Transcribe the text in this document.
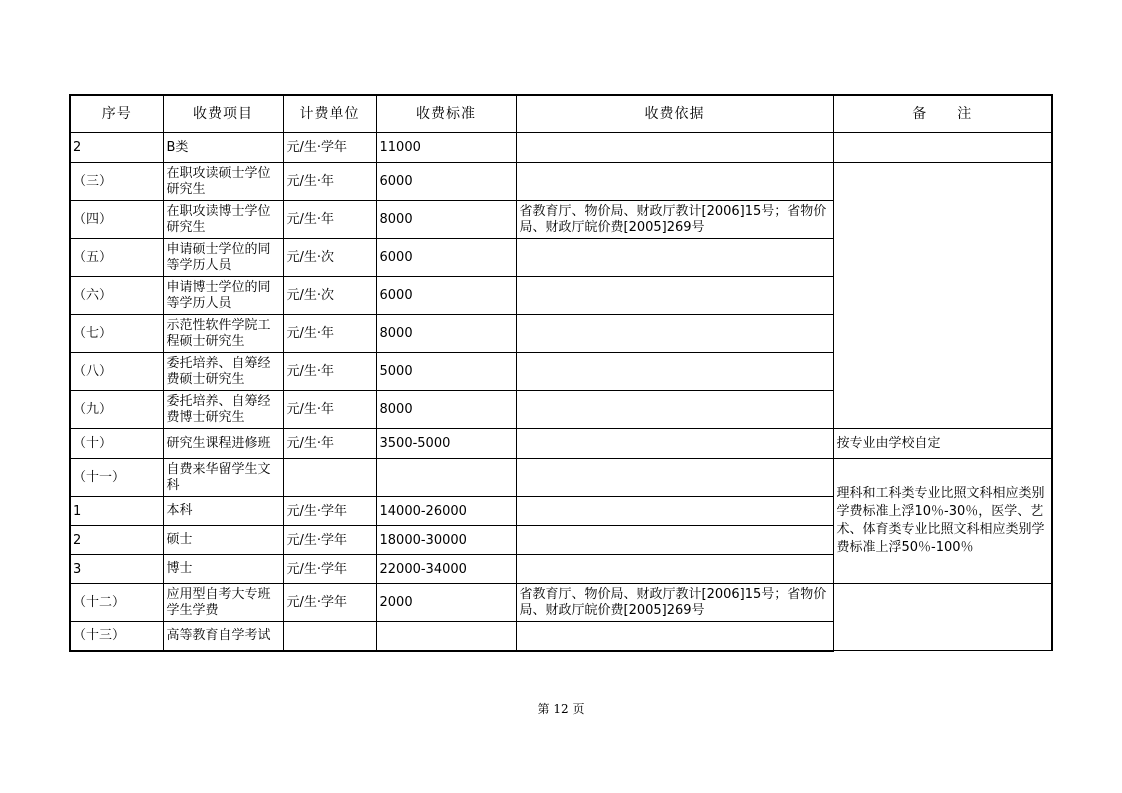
序号	收费项目	计费单位	收费标准	收费依据	备　　注
2	B类	元/生·学年	11000		
（三）	在职攻读硕士学位研究生	元/生·年	6000		
（四）	在职攻读博士学位研究生	元/生·年	8000	省教育厅、物价局、财政厅教计[2006]15号；省物价局、财政厅皖价费[2005]269号	
（五）	申请硕士学位的同等学历人员	元/生·次	6000		
（六）	申请博士学位的同等学历人员	元/生·次	6000		
（七）	示范性软件学院工程硕士研究生	元/生·年	8000		
（八）	委托培养、自筹经费硕士研究生	元/生·年	5000		
（九）	委托培养、自筹经费博士研究生	元/生·年	8000		
（十）	研究生课程进修班	元/生·年	3500-5000		按专业由学校自定
（十一）	自费来华留学生文科				理科和工科类专业比照文科相应类别学费标准上浮10％-30％，医学、艺术、体育类专业比照文科相应类别学费标准上浮50％-100％
1	本科	元/生·学年	14000-26000		
2	硕士	元/生·学年	18000-30000		
3	博士	元/生·学年	22000-34000		
（十二）	应用型自考大专班学生学费	元/生·学年	2000	省教育厅、物价局、财政厅教计[2006]15号；省物价局、财政厅皖价费[2005]269号	
（十三）	高等教育自学考试				
第 12 页
